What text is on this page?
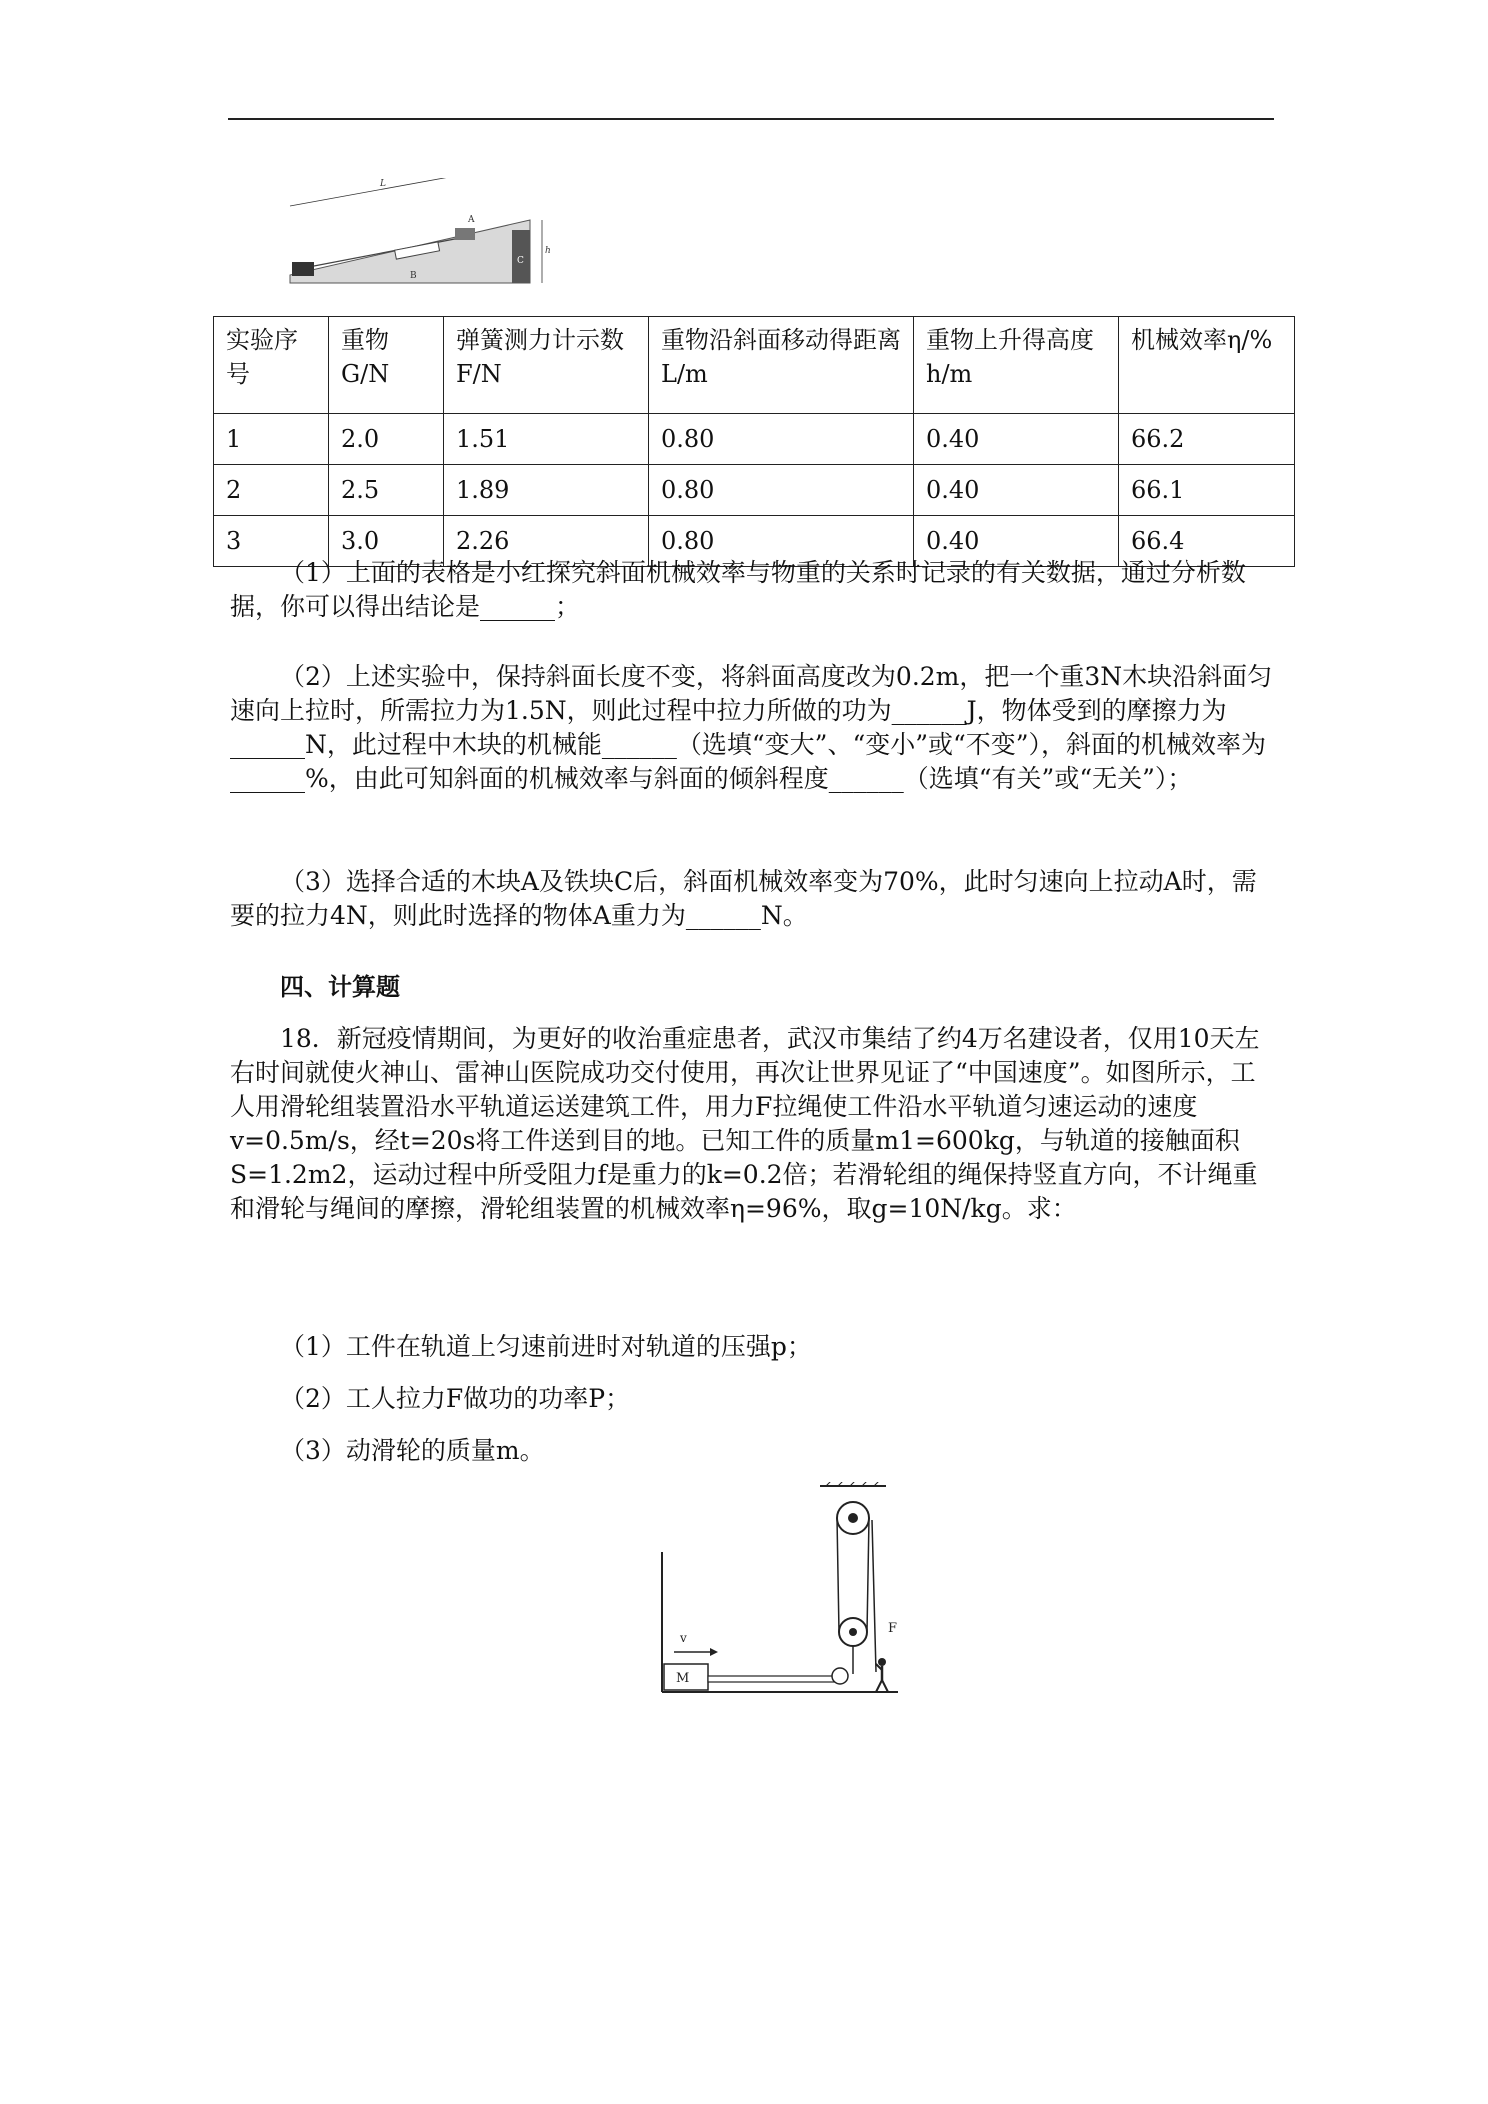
L
A
B
C
h
实验序号	重物G/N	弹簧测力计示数F/N	重物沿斜面移动得距离L/m	重物上升得高度h/m	机械效率η/%
1	2.0	1.51	0.80	0.40	66.2
2	2.5	1.89	0.80	0.40	66.1
3	3.0	2.26	0.80	0.40	66.4

（1）上面的表格是小红探究斜面机械效率与物重的关系时记录的有关数据，通过分析数据，你可以得出结论是______；

（2）上述实验中，保持斜面长度不变，将斜面高度改为0.2m，把一个重3N木块沿斜面匀速向上拉时，所需拉力为1.5N，则此过程中拉力所做的功为______J，物体受到的摩擦力为______N，此过程中木块的机械能______（选填“变大”、“变小”或“不变”），斜面的机械效率为______%，由此可知斜面的机械效率与斜面的倾斜程度______（选填“有关”或“无关”）；

（3）选择合适的木块A及铁块C后，斜面机械效率变为70%，此时匀速向上拉动A时，需要的拉力4N，则此时选择的物体A重力为______N。

四、计算题

18．新冠疫情期间，为更好的收治重症患者，武汉市集结了约4万名建设者，仅用10天左右时间就使火神山、雷神山医院成功交付使用，再次让世界见证了“中国速度”。如图所示，工人用滑轮组装置沿水平轨道运送建筑工件，用力F拉绳使工件沿水平轨道匀速运动的速度v=0.5m/s，经t=20s将工件送到目的地。已知工件的质量m1=600kg，与轨道的接触面积S=1.2m2，运动过程中所受阻力f是重力的k=0.2倍；若滑轮组的绳保持竖直方向，不计绳重和滑轮与绳间的摩擦，滑轮组装置的机械效率η=96%，取g=10N/kg。求：

（1）工件在轨道上匀速前进时对轨道的压强p；

（2）工人拉力F做功的功率P；

（3）动滑轮的质量m。

M
v
F
